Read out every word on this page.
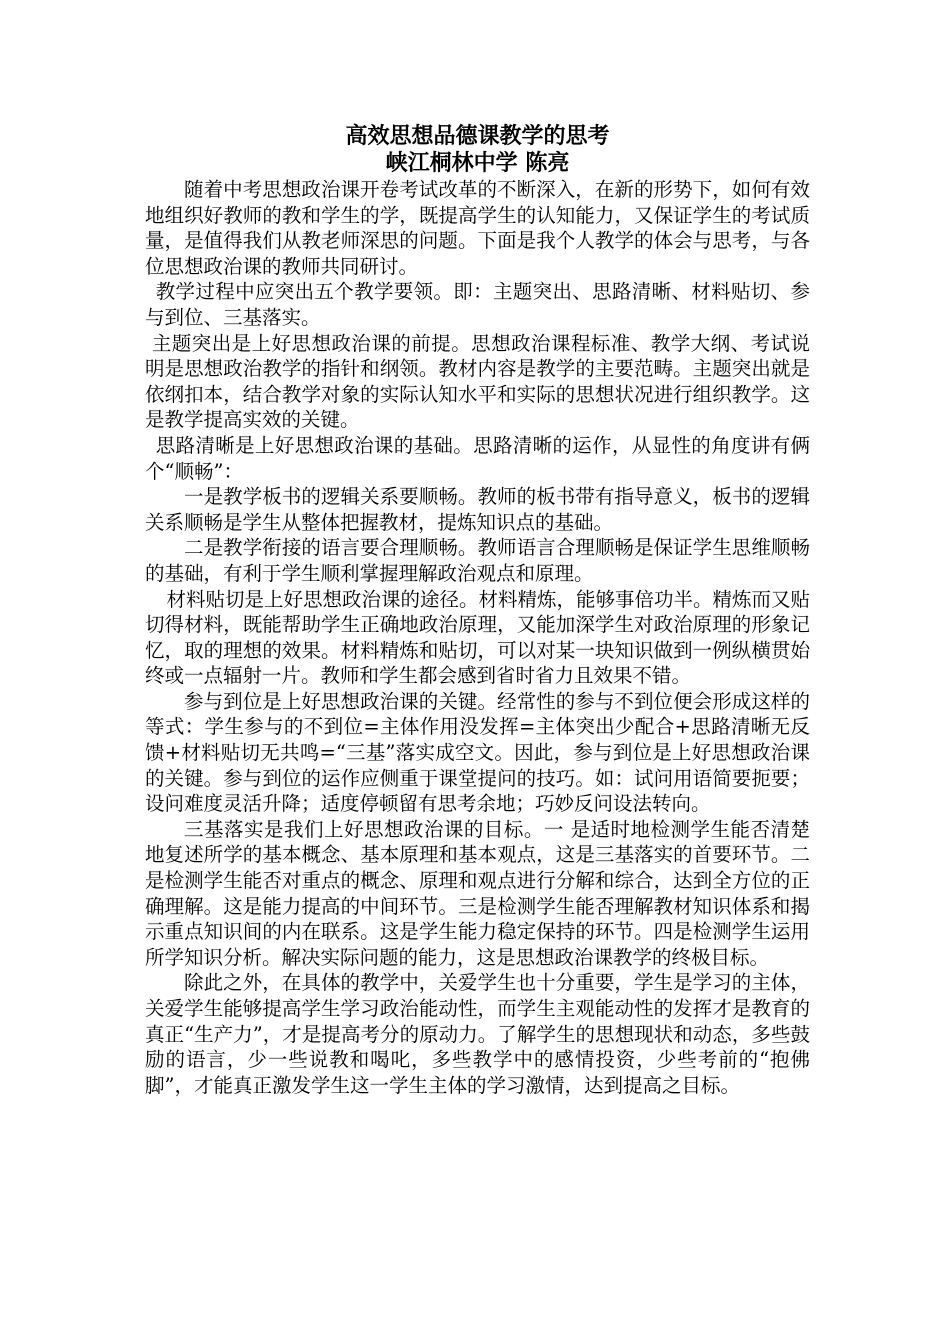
高效思想品德课教学的思考

峡江桐林中学 陈亮

随着中考思想政治课开卷考试改革的不断深入，在新的形势下，如何有效地组织好教师的教和学生的学，既提高学生的认知能力，又保证学生的考试质量，是值得我们从教老师深思的问题。下面是我个人教学的体会与思考，与各位思想政治课的教师共同研讨。

教学过程中应突出五个教学要领。即：主题突出、思路清晰、材料贴切、参与到位、三基落实。

主题突出是上好思想政治课的前提。思想政治课程标准、教学大纲、考试说明是思想政治教学的指针和纲领。教材内容是教学的主要范畴。主题突出就是依纲扣本，结合教学对象的实际认知水平和实际的思想状况进行组织教学。这是教学提高实效的关键。

思路清晰是上好思想政治课的基础。思路清晰的运作，从显性的角度讲有俩个“顺畅”：

一是教学板书的逻辑关系要顺畅。教师的板书带有指导意义，板书的逻辑关系顺畅是学生从整体把握教材，提炼知识点的基础。

二是教学衔接的语言要合理顺畅。教师语言合理顺畅是保证学生思维顺畅的基础，有利于学生顺利掌握理解政治观点和原理。

材料贴切是上好思想政治课的途径。材料精炼，能够事倍功半。精炼而又贴切得材料，既能帮助学生正确地政治原理，又能加深学生对政治原理的形象记忆，取的理想的效果。材料精炼和贴切，可以对某一块知识做到一例纵横贯始终或一点辐射一片。教师和学生都会感到省时省力且效果不错。

参与到位是上好思想政治课的关键。经常性的参与不到位便会形成这样的等式：学生参与的不到位=主体作用没发挥=主体突出少配合+思路清晰无反馈+材料贴切无共鸣=“三基”落实成空文。因此，参与到位是上好思想政治课的关键。参与到位的运作应侧重于课堂提问的技巧。如：试问用语简要扼要；设问难度灵活升降；适度停顿留有思考余地；巧妙反问设法转向。

三基落实是我们上好思想政治课的目标。一 是适时地检测学生能否清楚地复述所学的基本概念、基本原理和基本观点，这是三基落实的首要环节。二是检测学生能否对重点的概念、原理和观点进行分解和综合，达到全方位的正确理解。这是能力提高的中间环节。三是检测学生能否理解教材知识体系和揭示重点知识间的内在联系。这是学生能力稳定保持的环节。四是检测学生运用所学知识分析。解决实际问题的能力，这是思想政治课教学的终极目标。

除此之外，在具体的教学中，关爱学生也十分重要，学生是学习的主体，关爱学生能够提高学生学习政治能动性，而学生主观能动性的发挥才是教育的真正“生产力”，才是提高考分的原动力。了解学生的思想现状和动态，多些鼓励的语言，少一些说教和喝叱，多些教学中的感情投资，少些考前的“抱佛脚”，才能真正激发学生这一学生主体的学习激情，达到提高之目标。
